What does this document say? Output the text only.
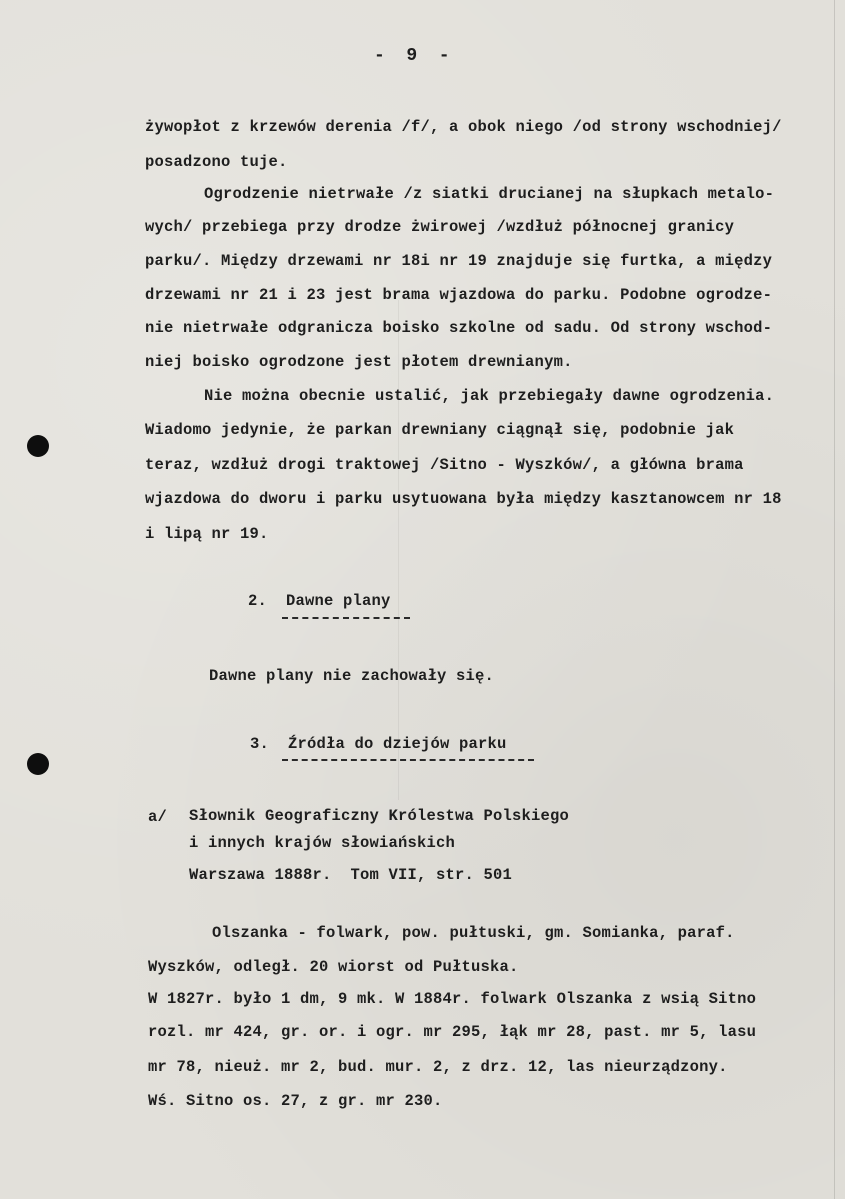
-  9  -
żywopłot z krzewów derenia /f/, a obok niego /od strony wschodniej/
posadzono tuje.
Ogrodzenie nietrwałe /z siatki drucianej na słupkach metalo-
wych/ przebiega przy drodze żwirowej /wzdłuż północnej granicy
parku/. Między drzewami nr 18i nr 19 znajduje się furtka, a między
drzewami nr 21 i 23 jest brama wjazdowa do parku. Podobne ogrodze-
nie nietrwałe odgranicza boisko szkolne od sadu. Od strony wschod-
niej boisko ogrodzone jest płotem drewnianym.
Nie można obecnie ustalić, jak przebiegały dawne ogrodzenia.
Wiadomo jedynie, że parkan drewniany ciągnął się, podobnie jak
teraz, wzdłuż drogi traktowej /Sitno - Wyszków/, a główna brama
wjazdowa do dworu i parku usytuowana była między kasztanowcem nr 18
i lipą nr 19.
2.  Dawne plany
Dawne plany nie zachowały się.
3.  Źródła do dziejów parku
a/ Słownik Geograficzny Królestwa Polskiego
i innych krajów słowiańskich
Warszawa 1888r.  Tom VII, str. 501
Olszanka - folwark, pow. pułtuski, gm. Somianka, paraf.
Wyszków, odległ. 20 wiorst od Pułtuska.
W 1827r. było 1 dm, 9 mk. W 1884r. folwark Olszanka z wsią Sitno
rozl. mr 424, gr. or. i ogr. mr 295, łąk mr 28, past. mr 5, lasu
mr 78, nieuż. mr 2, bud. mur. 2, z drz. 12, las nieurządzony.
Wś. Sitno os. 27, z gr. mr 230.
